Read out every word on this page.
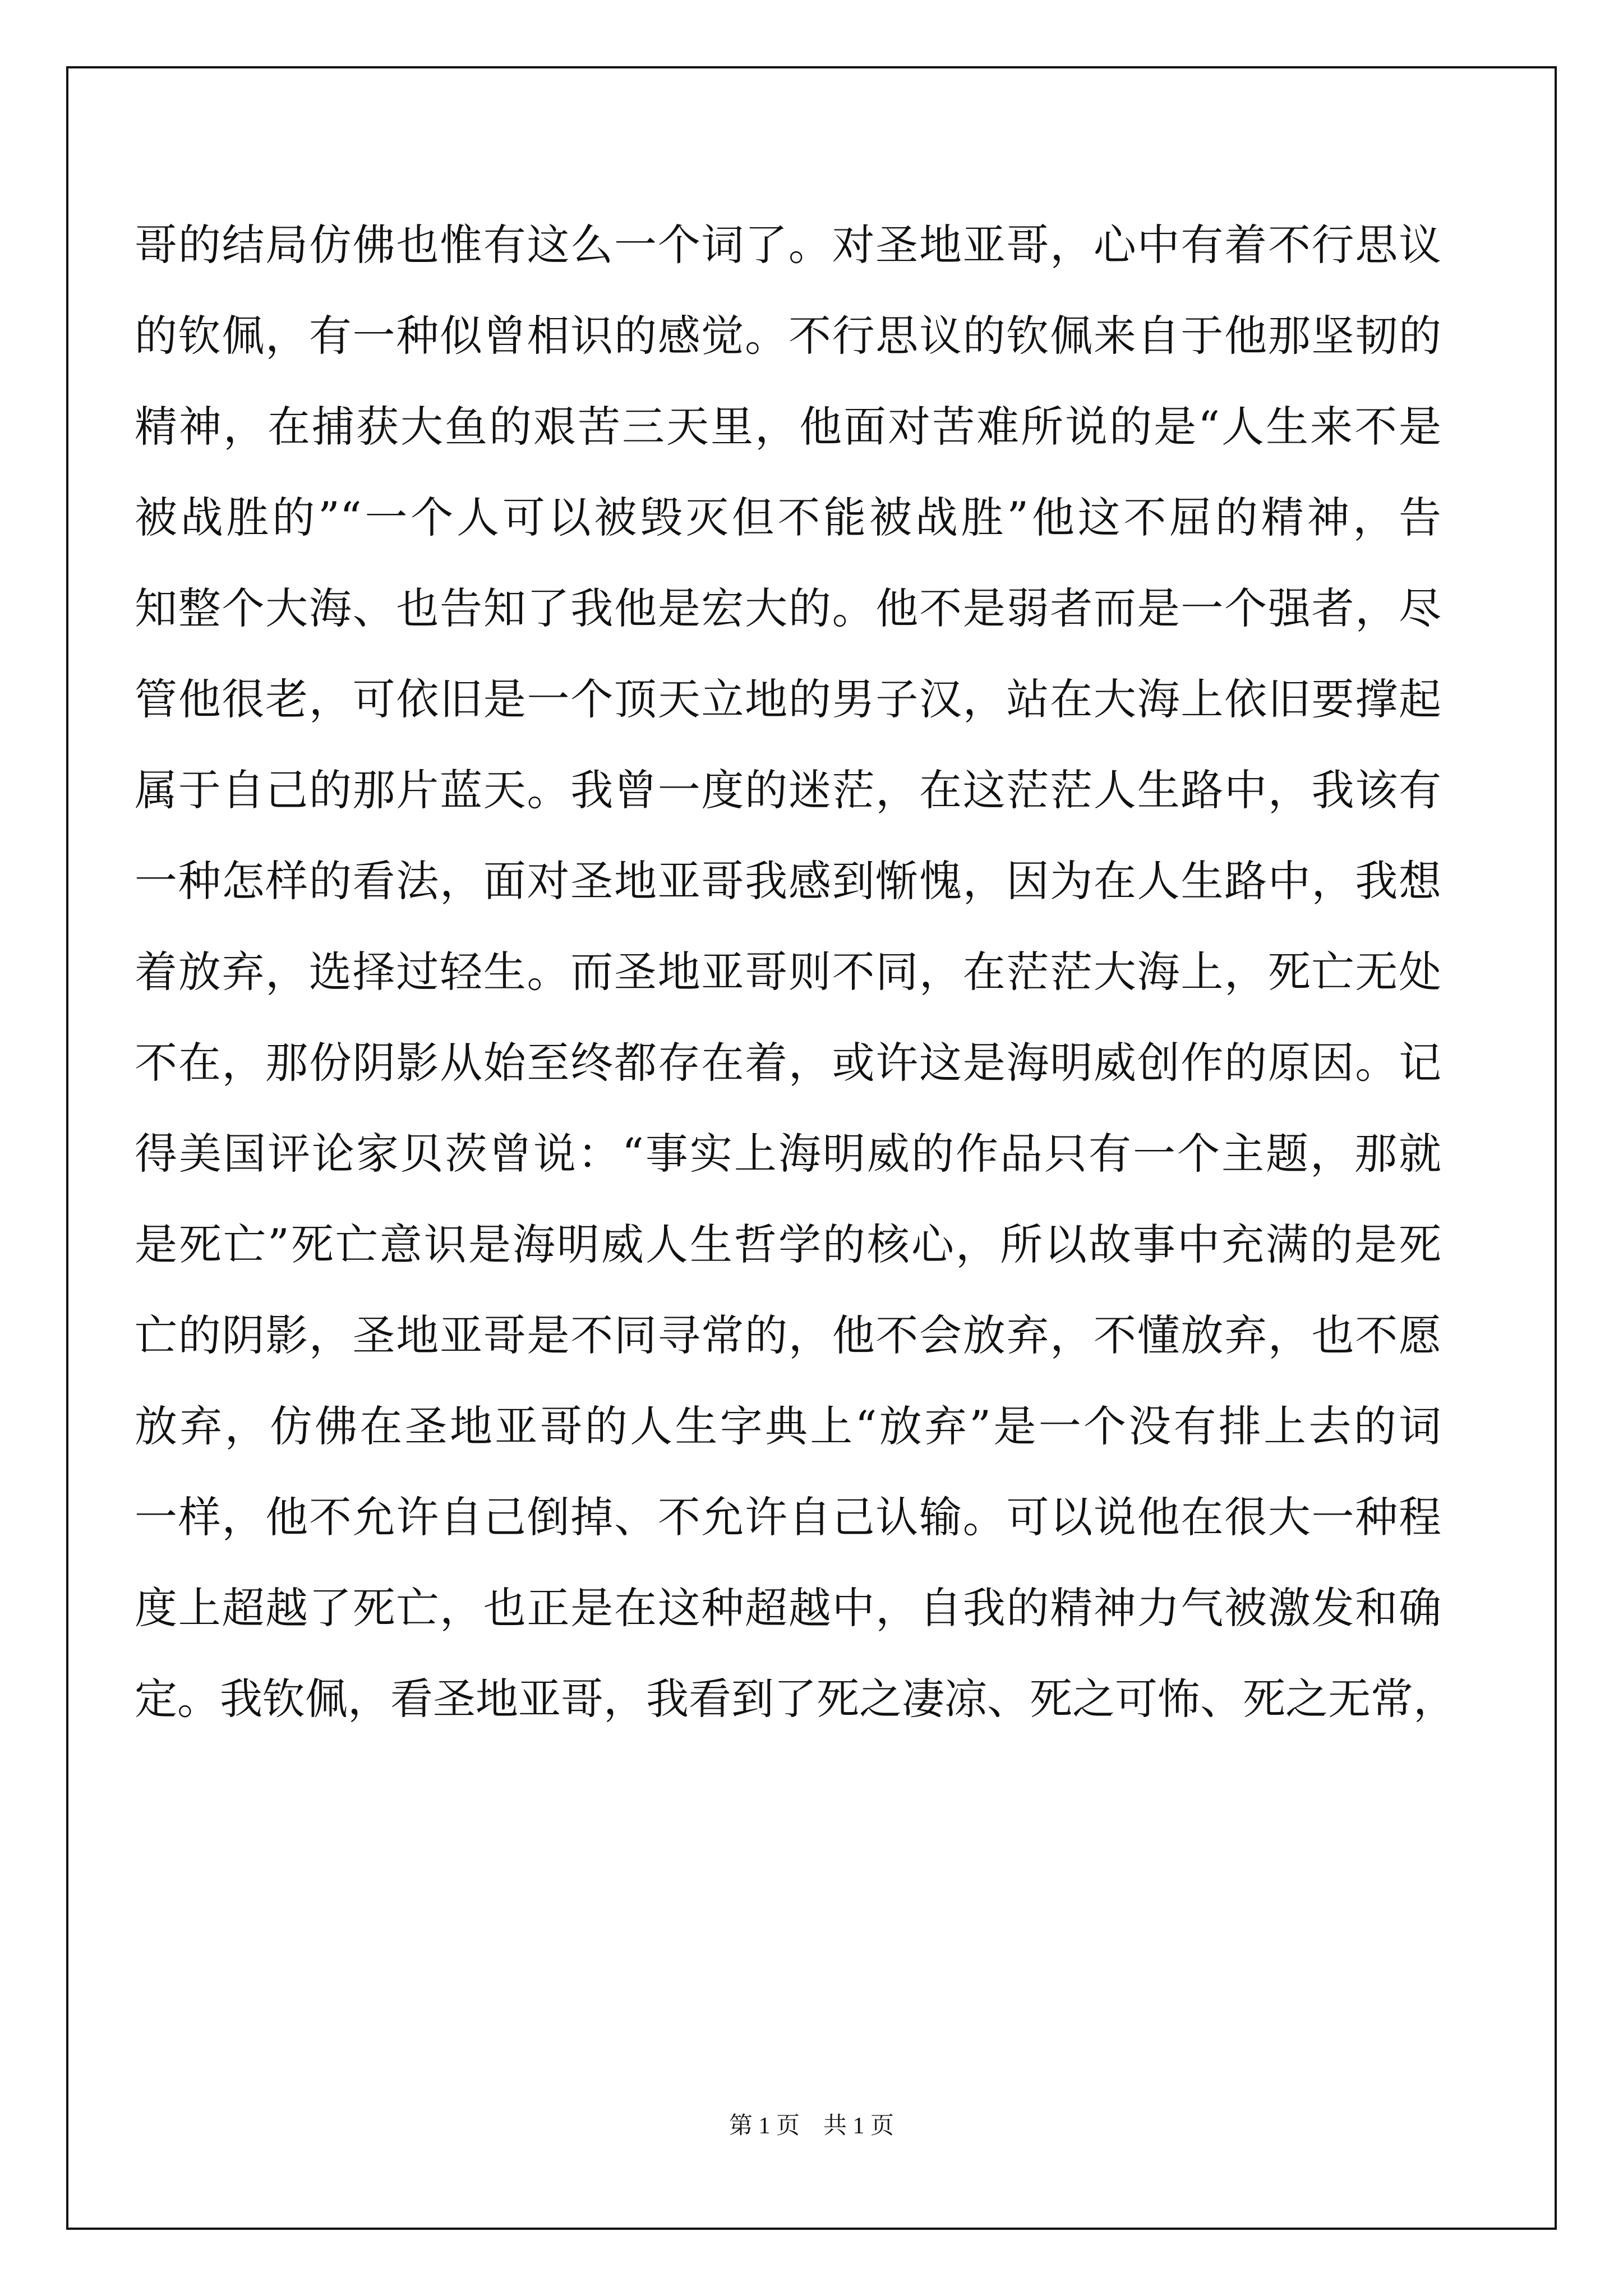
哥的结局仿佛也惟有这么一个词了。对圣地亚哥，心中有着不行思议
的钦佩，有一种似曾相识的感觉。不行思议的钦佩来自于他那坚韧的
精神，在捕获大鱼的艰苦三天里，他面对苦难所说的是“人生来不是
被战胜的”“一个人可以被毁灭但不能被战胜”他这不屈的精神，告
知整个大海、也告知了我他是宏大的。他不是弱者而是一个强者，尽
管他很老，可依旧是一个顶天立地的男子汉，站在大海上依旧要撑起
属于自己的那片蓝天。我曾一度的迷茫，在这茫茫人生路中，我该有
一种怎样的看法，面对圣地亚哥我感到惭愧，因为在人生路中，我想
着放弃，选择过轻生。而圣地亚哥则不同，在茫茫大海上，死亡无处
不在，那份阴影从始至终都存在着，或许这是海明威创作的原因。记
得美国评论家贝茨曾说：“事实上海明威的作品只有一个主题，那就
是死亡”死亡意识是海明威人生哲学的核心，所以故事中充满的是死
亡的阴影，圣地亚哥是不同寻常的，他不会放弃，不懂放弃，也不愿
放弃，仿佛在圣地亚哥的人生字典上“放弃”是一个没有排上去的词
一样，他不允许自己倒掉、不允许自己认输。可以说他在很大一种程
度上超越了死亡，也正是在这种超越中，自我的精神力气被激发和确
定。我钦佩，看圣地亚哥，我看到了死之凄凉、死之可怖、死之无常，
第 1 页　共 1 页
